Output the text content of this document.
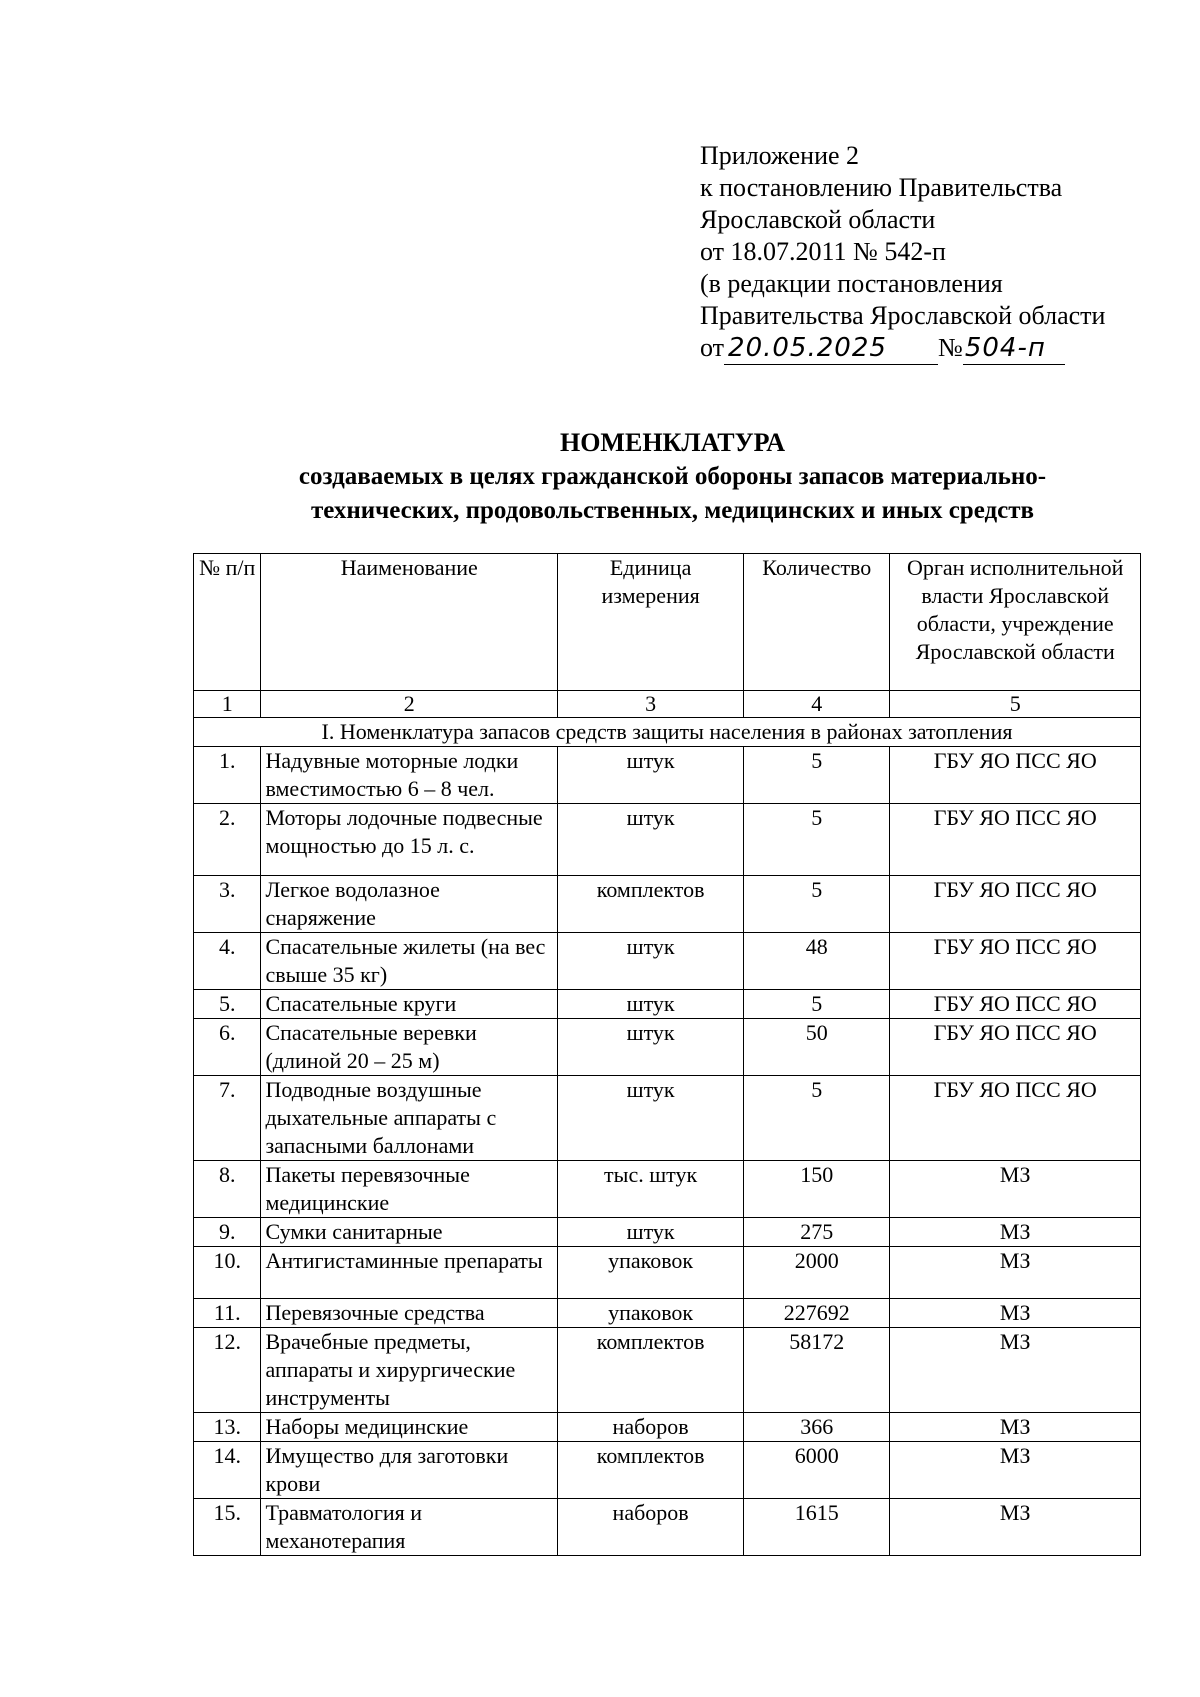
Приложение 2
к постановлению Правительства
Ярославской области
от 18.07.2011 № 542-п
(в редакции постановления
Правительства Ярославской области
от 20.05.2025 №504-п
НОМЕНКЛАТУРА
создаваемых в целях гражданской обороны запасов материально-
технических, продовольственных, медицинских и иных средств
№ п/п	Наименование	Единица измерения	Количество	Орган исполнительной власти Ярославской области, учреждение Ярославской области
1	2	3	4	5
I. Номенклатура запасов средств защиты населения в районах затопления				
1.	Надувные моторные лодки вместимостью 6 – 8 чел.	штук	5	ГБУ ЯО ПСС ЯО
2.	Моторы лодочные подвесные мощностью до 15 л. с.	штук	5	ГБУ ЯО ПСС ЯО
3.	Легкое водолазное снаряжение	комплектов	5	ГБУ ЯО ПСС ЯО
4.	Спасательные жилеты (на вес свыше 35 кг)	штук	48	ГБУ ЯО ПСС ЯО
5.	Спасательные круги	штук	5	ГБУ ЯО ПСС ЯО
6.	Спасательные веревки (длиной 20 – 25 м)	штук	50	ГБУ ЯО ПСС ЯО
7.	Подводные воздушные дыхательные аппараты с запасными баллонами	штук	5	ГБУ ЯО ПСС ЯО
8.	Пакеты перевязочные медицинские	тыс. штук	150	МЗ
9.	Сумки санитарные	штук	275	МЗ
10.	Антигистаминные препараты	упаковок	2000	МЗ
11.	Перевязочные средства	упаковок	227692	МЗ
12.	Врачебные предметы, аппараты и хирургические инструменты	комплектов	58172	МЗ
13.	Наборы медицинские	наборов	366	МЗ
14.	Имущество для заготовки крови	комплектов	6000	МЗ
15.	Травматология и механотерапия	наборов	1615	МЗ
